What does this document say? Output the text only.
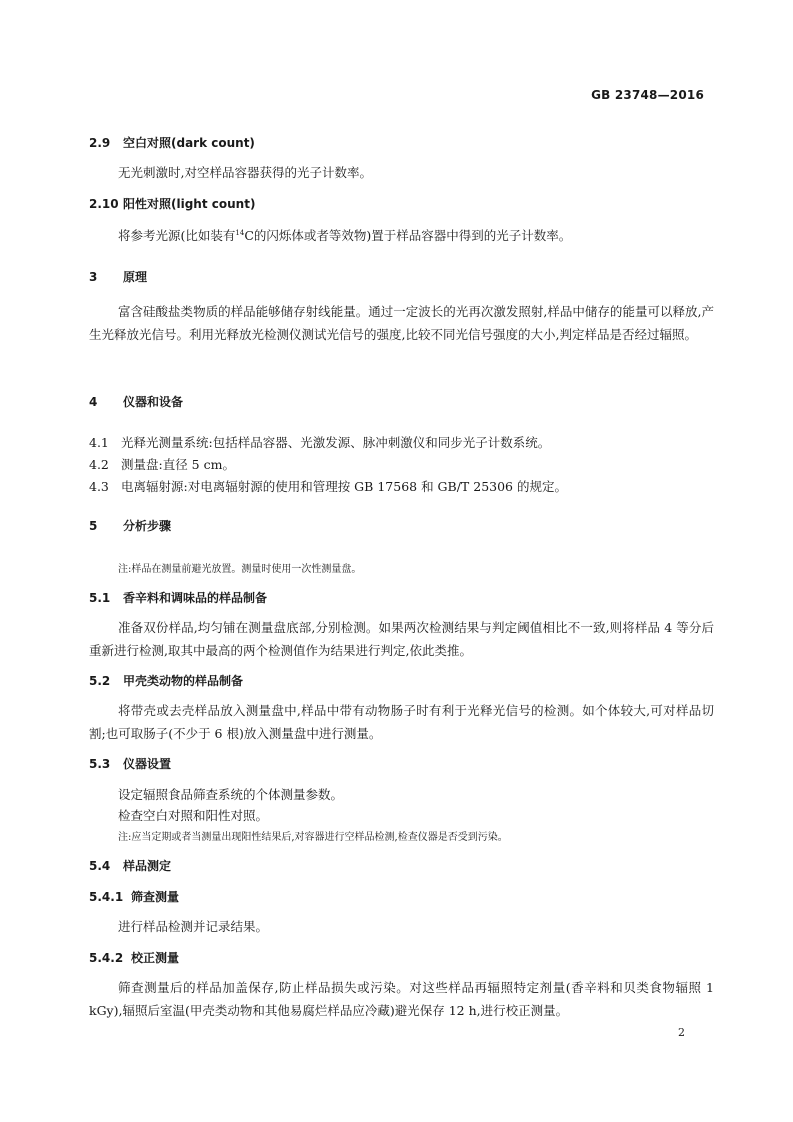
GB 23748—2016
2.9 空白对照(dark count)
无光刺激时,对空样品容器获得的光子计数率。
2.10 阳性对照(light count)
将参考光源(比如装有$^{14}$C的闪烁体或者等效物)置于样品容器中得到的光子计数率。
3 原理
富含硅酸盐类物质的样品能够储存射线能量。通过一定波长的光再次激发照射,样品中储存的能量可以释放,产生光释放光信号。利用光释放光检测仪测试光信号的强度,比较不同光信号强度的大小,判定样品是否经过辐照。
4 仪器和设备
4.1 光释光测量系统:包括样品容器、光激发源、脉冲刺激仪和同步光子计数系统。
4.2 测量盘:直径 5 cm。
4.3 电离辐射源:对电离辐射源的使用和管理按 GB 17568 和 GB/T 25306 的规定。
5 分析步骤
注:样品在测量前避光放置。测量时使用一次性测量盘。
5.1 香辛料和调味品的样品制备
准备双份样品,均匀铺在测量盘底部,分别检测。如果两次检测结果与判定阈值相比不一致,则将样品 4 等分后重新进行检测,取其中最高的两个检测值作为结果进行判定,依此类推。
5.2 甲壳类动物的样品制备
将带壳或去壳样品放入测量盘中,样品中带有动物肠子时有利于光释光信号的检测。如个体较大,可对样品切割;也可取肠子(不少于 6 根)放入测量盘中进行测量。
5.3 仪器设置
设定辐照食品筛查系统的个体测量参数。
检查空白对照和阳性对照。
注:应当定期或者当测量出现阳性结果后,对容器进行空样品检测,检查仪器是否受到污染。
5.4 样品测定
5.4.1 筛查测量
进行样品检测并记录结果。
5.4.2 校正测量
筛查测量后的样品加盖保存,防止样品损失或污染。对这些样品再辐照特定剂量(香辛料和贝类食物辐照 1 kGy),辐照后室温(甲壳类动物和其他易腐烂样品应冷藏)避光保存 12 h,进行校正测量。
2
